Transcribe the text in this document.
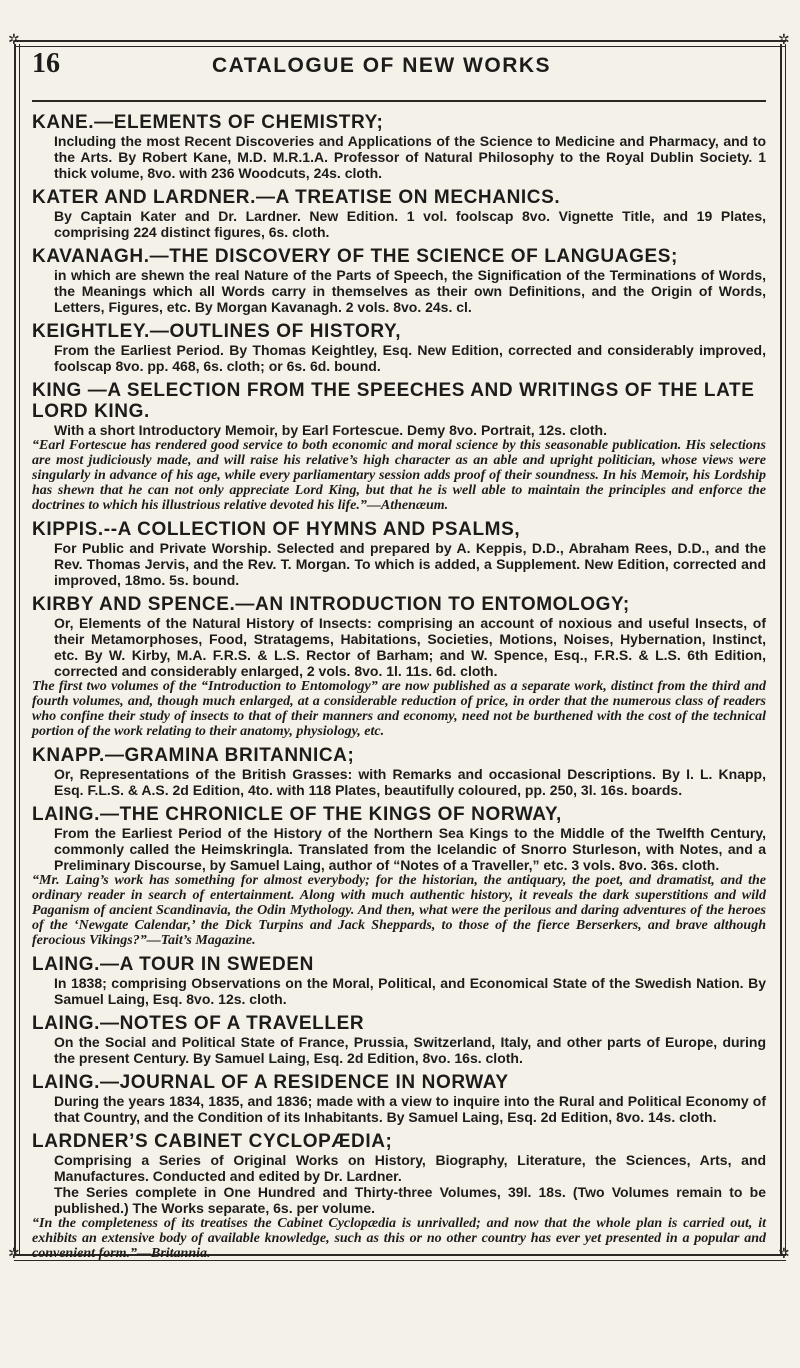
✲	✲
✲	✲
16	CATALOGUE OF NEW WORKS
KANE.—ELEMENTS OF CHEMISTRY;
Including the most Recent Discoveries and Applications of the Science to Medicine and Pharmacy, and to the Arts. By Robert Kane, M.D. M.R.1.A. Professor of Natural Philosophy to the Royal Dublin Society. 1 thick volume, 8vo. with 236 Woodcuts, 24s. cloth.
KATER AND LARDNER.—A TREATISE ON MECHANICS.
By Captain Kater and Dr. Lardner. New Edition. 1 vol. foolscap 8vo. Vignette Title, and 19 Plates, comprising 224 distinct figures, 6s. cloth.
KAVANAGH.—THE DISCOVERY OF THE SCIENCE OF LANGUAGES;
in which are shewn the real Nature of the Parts of Speech, the Signification of the Terminations of Words, the Meanings which all Words carry in themselves as their own Definitions, and the Origin of Words, Letters, Figures, etc. By Morgan Kavanagh. 2 vols. 8vo. 24s. cl.
KEIGHTLEY.—OUTLINES OF HISTORY,
From the Earliest Period. By Thomas Keightley, Esq. New Edition, corrected and considerably improved, foolscap 8vo. pp. 468, 6s. cloth; or 6s. 6d. bound.
KING —A SELECTION FROM THE SPEECHES AND WRITINGS OF THE LATE LORD KING.
With a short Introductory Memoir, by Earl Fortescue. Demy 8vo. Portrait, 12s. cloth.
“Earl Fortescue has rendered good service to both economic and moral science by this seasonable publication. His selections are most judiciously made, and will raise his relative’s high character as an able and upright politician, whose views were singularly in advance of his age, while every parliamentary session adds proof of their soundness. In his Memoir, his Lordship has shewn that he can not only appreciate Lord King, but that he is well able to maintain the principles and enforce the doctrines to which his illustrious relative devoted his life.”—Athenæum.
KIPPIS.--A COLLECTION OF HYMNS AND PSALMS,
For Public and Private Worship. Selected and prepared by A. Keppis, D.D., Abraham Rees, D.D., and the Rev. Thomas Jervis, and the Rev. T. Morgan. To which is added, a Supplement. New Edition, corrected and improved, 18mo. 5s. bound.
KIRBY AND SPENCE.—AN INTRODUCTION TO ENTOMOLOGY;
Or, Elements of the Natural History of Insects: comprising an account of noxious and useful Insects, of their Metamorphoses, Food, Stratagems, Habitations, Societies, Motions, Noises, Hybernation, Instinct, etc. By W. Kirby, M.A. F.R.S. & L.S. Rector of Barham; and W. Spence, Esq., F.R.S. & L.S. 6th Edition, corrected and considerably enlarged, 2 vols. 8vo. 1l. 11s. 6d. cloth.
The first two volumes of the “Introduction to Entomology” are now published as a separate work, distinct from the third and fourth volumes, and, though much enlarged, at a considerable reduction of price, in order that the numerous class of readers who confine their study of insects to that of their manners and economy, need not be burthened with the cost of the technical portion of the work relating to their anatomy, physiology, etc.
KNAPP.—GRAMINA BRITANNICA;
Or, Representations of the British Grasses: with Remarks and occasional Descriptions. By I. L. Knapp, Esq. F.L.S. & A.S. 2d Edition, 4to. with 118 Plates, beautifully coloured, pp. 250, 3l. 16s. boards.
LAING.—THE CHRONICLE OF THE KINGS OF NORWAY,
From the Earliest Period of the History of the Northern Sea Kings to the Middle of the Twelfth Century, commonly called the Heimskringla. Translated from the Icelandic of Snorro Sturleson, with Notes, and a Preliminary Discourse, by Samuel Laing, author of “Notes of a Traveller,” etc. 3 vols. 8vo. 36s. cloth.
“Mr. Laing’s work has something for almost everybody; for the historian, the antiquary, the poet, and dramatist, and the ordinary reader in search of entertainment. Along with much authentic history, it reveals the dark superstitions and wild Paganism of ancient Scandinavia, the Odin Mythology. And then, what were the perilous and daring adventures of the heroes of the ‘Newgate Calendar,’ the Dick Turpins and Jack Sheppards, to those of the fierce Berserkers, and brave although ferocious Vikings?”—Tait’s Magazine.
LAING.—A TOUR IN SWEDEN
In 1838; comprising Observations on the Moral, Political, and Economical State of the Swedish Nation. By Samuel Laing, Esq. 8vo. 12s. cloth.
LAING.—NOTES OF A TRAVELLER
On the Social and Political State of France, Prussia, Switzerland, Italy, and other parts of Europe, during the present Century. By Samuel Laing, Esq. 2d Edition, 8vo. 16s. cloth.
LAING.—JOURNAL OF A RESIDENCE IN NORWAY
During the years 1834, 1835, and 1836; made with a view to inquire into the Rural and Political Economy of that Country, and the Condition of its Inhabitants. By Samuel Laing, Esq. 2d Edition, 8vo. 14s. cloth.
LARDNER’S CABINET CYCLOPÆDIA;
Comprising a Series of Original Works on History, Biography, Literature, the Sciences, Arts, and Manufactures. Conducted and edited by Dr. Lardner.
The Series complete in One Hundred and Thirty-three Volumes, 39l. 18s. (Two Volumes remain to be published.) The Works separate, 6s. per volume.
“In the completeness of its treatises the Cabinet Cyclopædia is unrivalled; and now that the whole plan is carried out, it exhibits an extensive body of available knowledge, such as this or no other country has ever yet presented in a popular and convenient form.”—Britannia.
